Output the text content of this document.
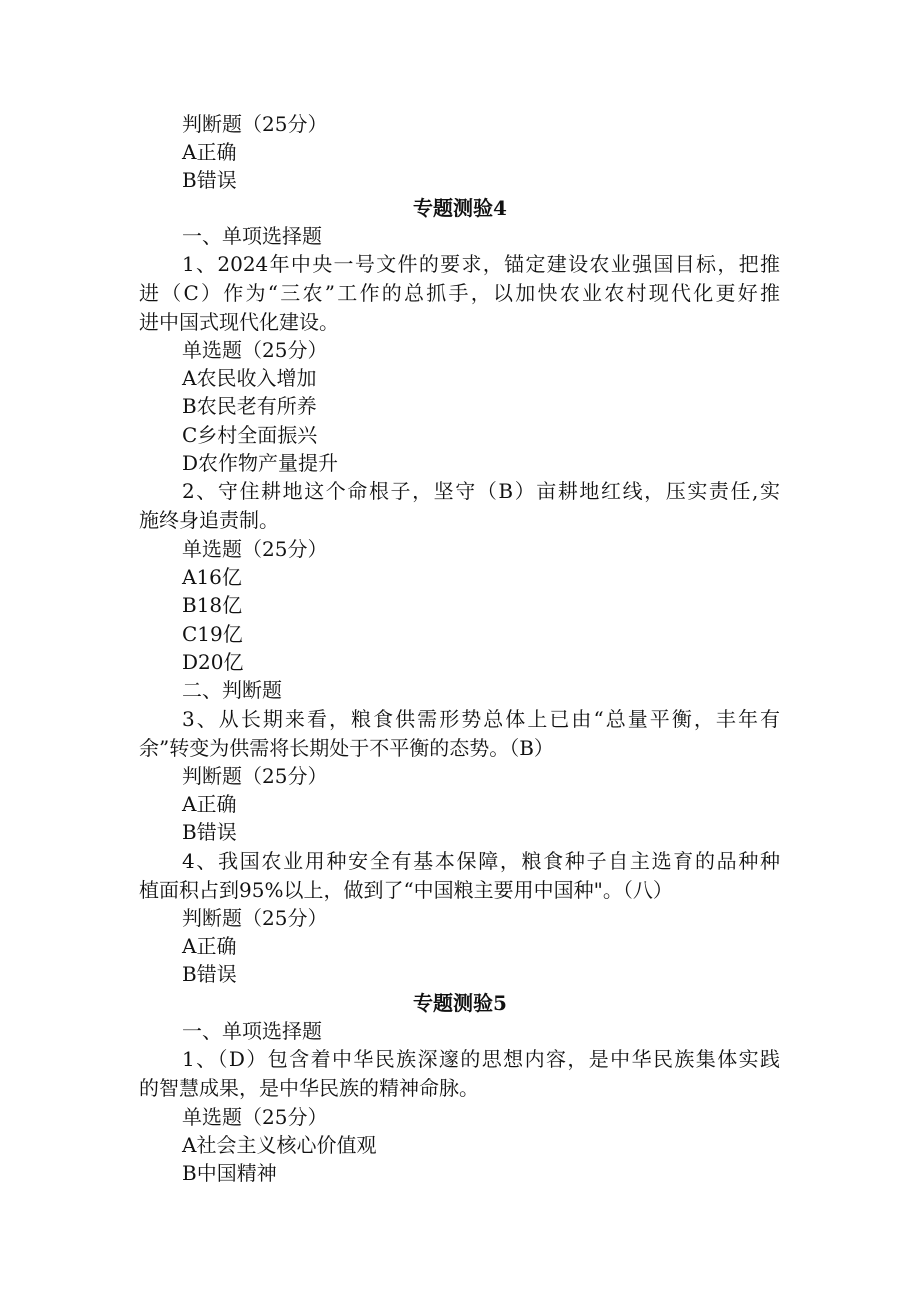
判断题（25分）
A正确
B错误
专题测验4
一、单项选择题
1、2024年中央一号文件的要求，锚定建设农业强国目标，把推
进（C）作为“三农”工作的总抓手，以加快农业农村现代化更好推
进中国式现代化建设。
单选题（25分）
A农民收入增加
B农民老有所养
C乡村全面振兴
D农作物产量提升
2、守住耕地这个命根子，坚守（B）亩耕地红线，压实责任,实
施终身追责制。
单选题（25分）
A16亿
B18亿
C19亿
D20亿
二、判断题
3、从长期来看，粮食供需形势总体上已由“总量平衡，丰年有
余”转变为供需将长期处于不平衡的态势。（B）
判断题（25分）
A正确
B错误
4、我国农业用种安全有基本保障，粮食种子自主选育的品种种
植面积占到95%以上，做到了“中国粮主要用中国种"。（八）
判断题（25分）
A正确
B错误
专题测验5
一、单项选择题
1、（D）包含着中华民族深邃的思想内容，是中华民族集体实践
的智慧成果，是中华民族的精神命脉。
单选题（25分）
A社会主义核心价值观
B中国精神
